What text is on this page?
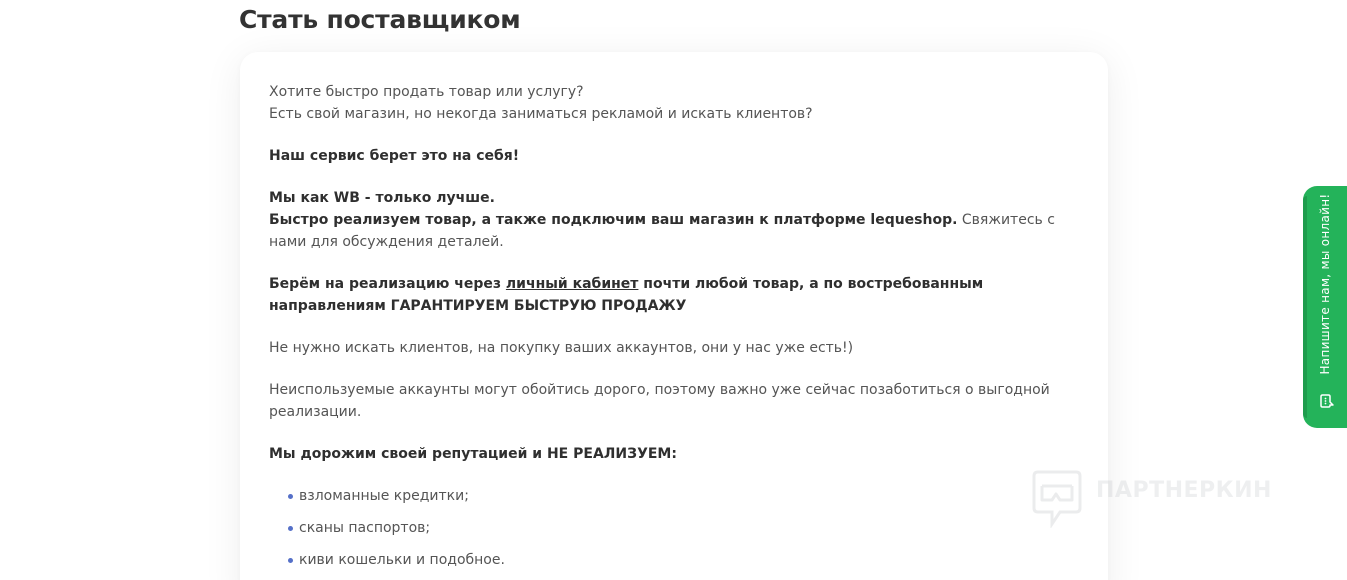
Стать поставщиком

Хотите быстро продать товар или услугу?
Есть свой магазин, но некогда заниматься рекламой и искать клиентов?

Наш сервис берет это на себя!

Мы как WB - только лучше.
Быстро реализуем товар, а также подключим ваш магазин к платформе lequeshop. Свяжитесь с нами для обсуждения деталей.

Берём на реализацию через личный кабинет почти любой товар, а по востребованным направлениям ГАРАНТИРУЕМ БЫСТРУЮ ПРОДАЖУ

Не нужно искать клиентов, на покупку ваших аккаунтов, они у нас уже есть!)

Неиспользуемые аккаунты могут обойтись дорого, поэтому важно уже сейчас позаботиться о выгодной реализации.

Мы дорожим своей репутацией и НЕ РЕАЛИЗУЕМ:

взломанные кредитки;
сканы паспортов;
киви кошельки и подобное.
Напишите нам, мы онлайн!
ПАРТНЕРКИН
